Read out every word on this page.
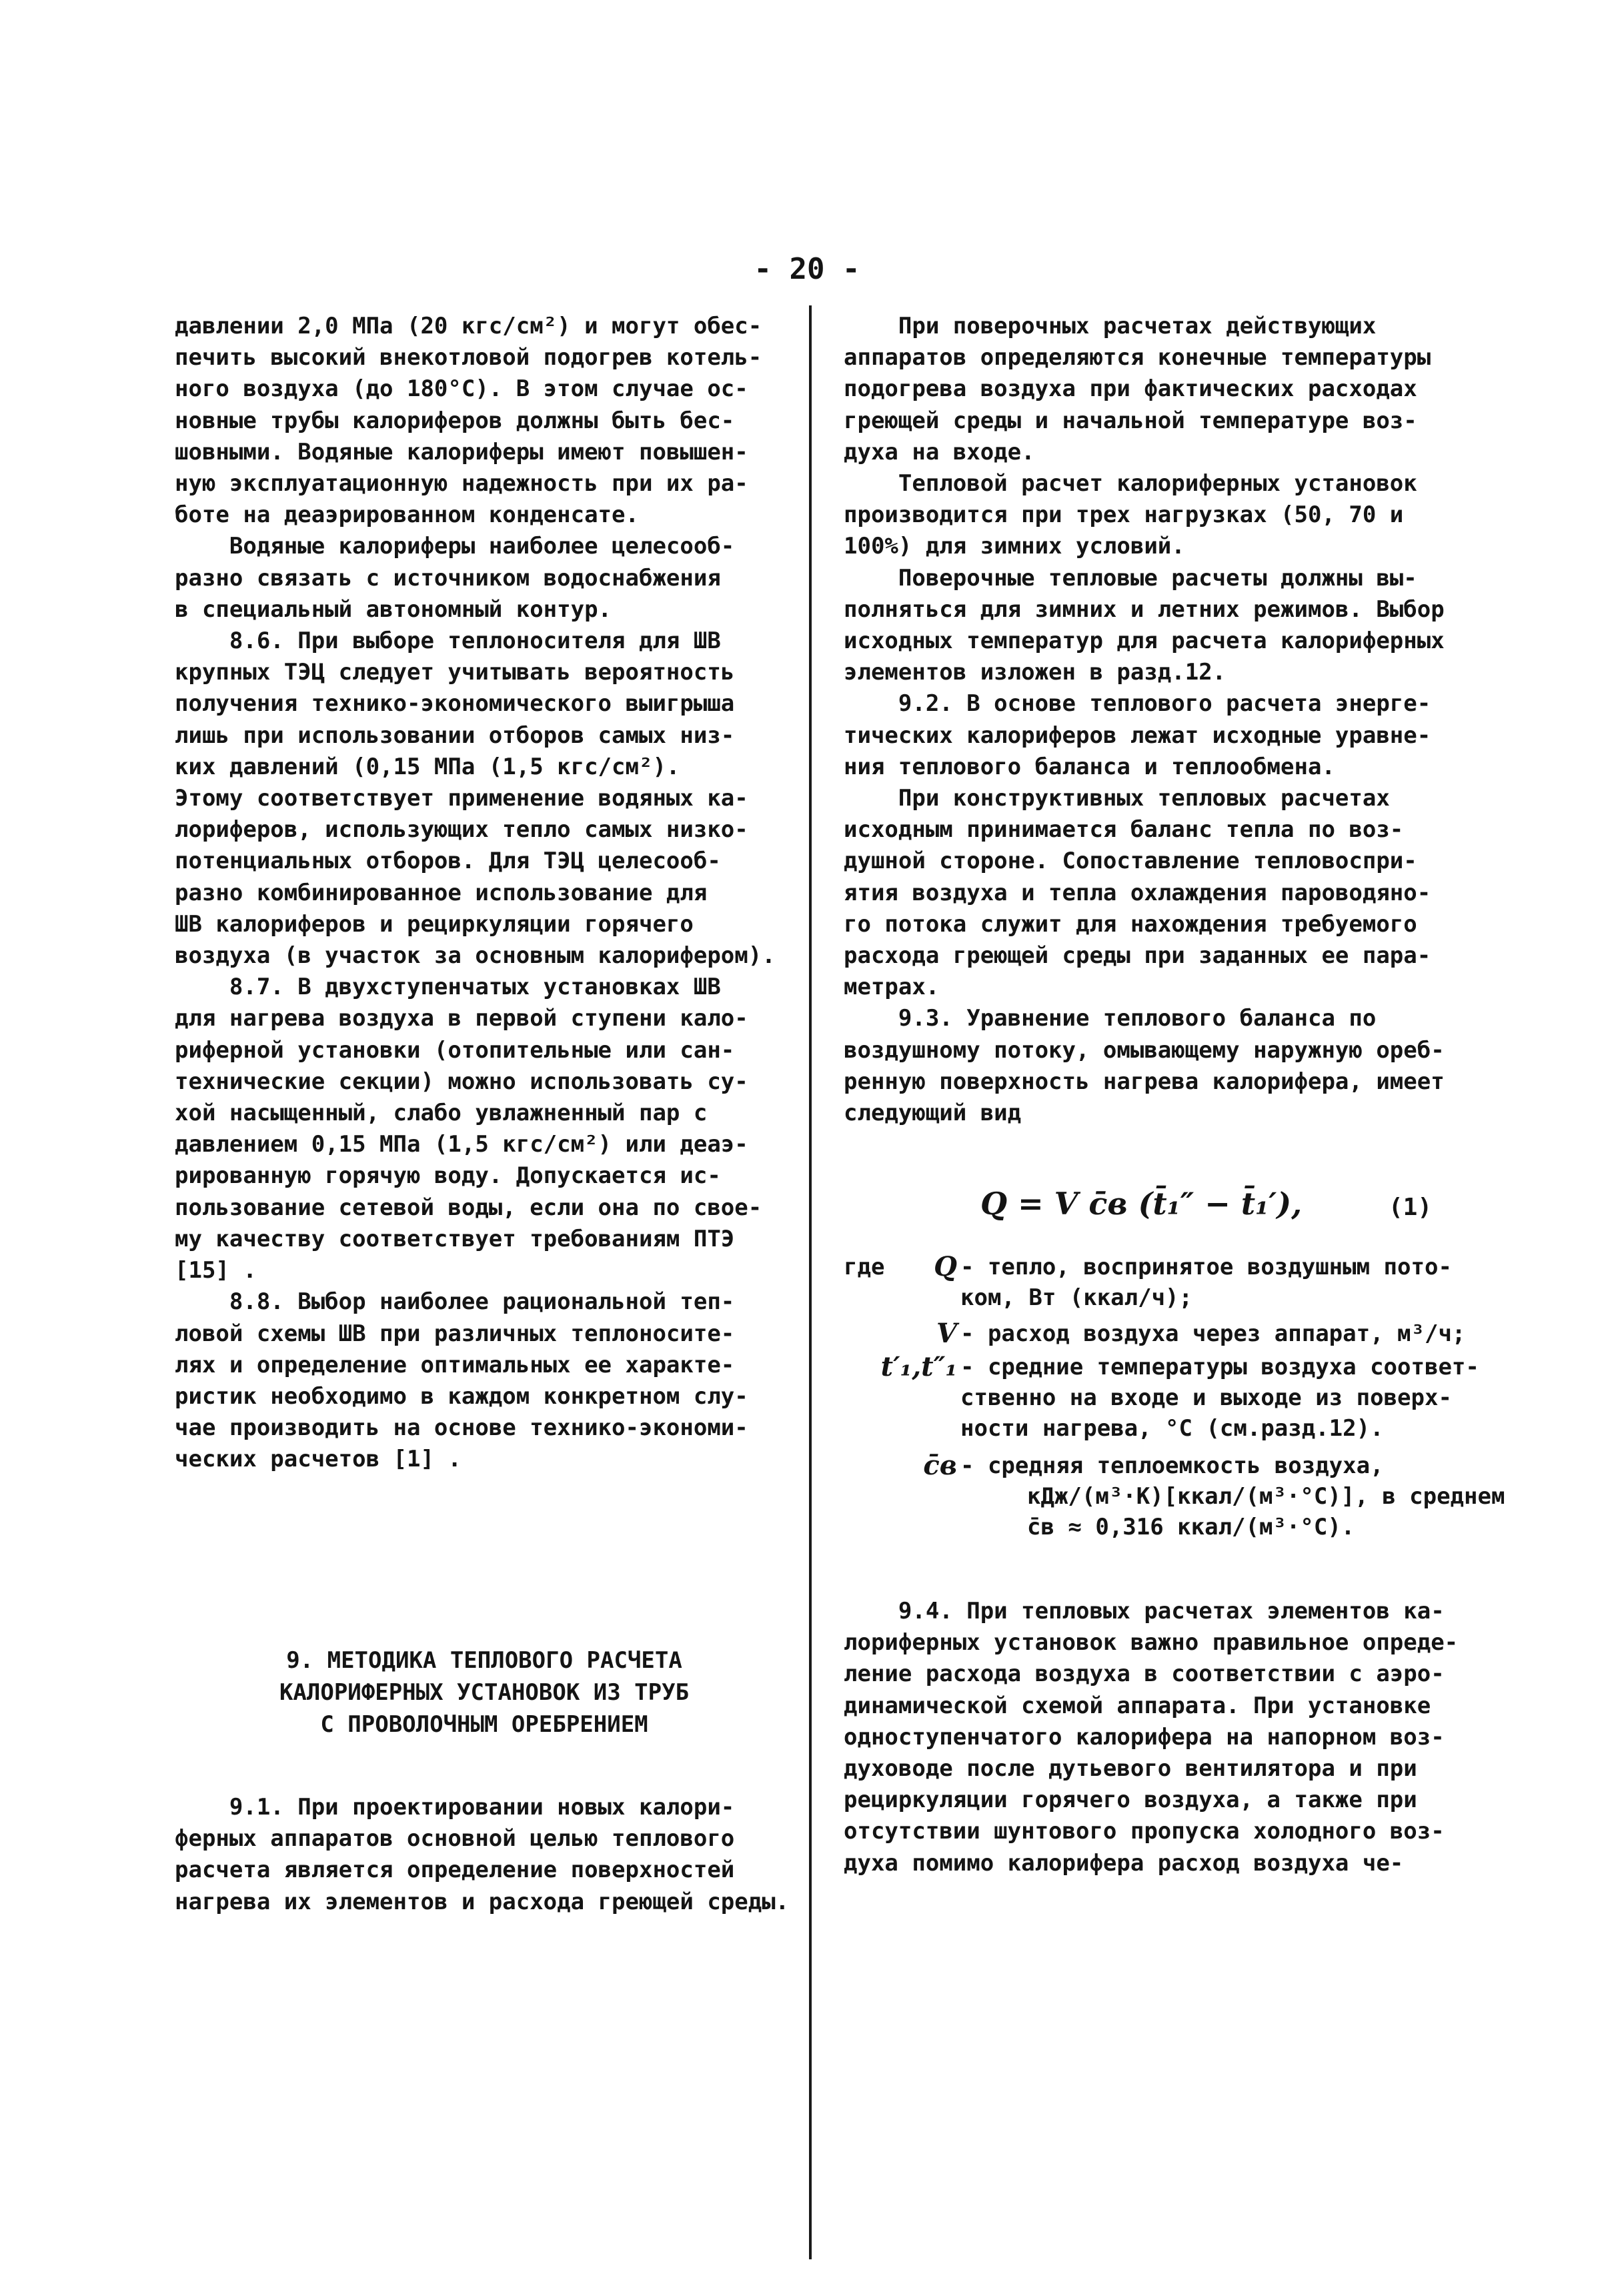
- 20 -
давлении 2,0 МПа (20 кгс/см²) и могут обес-
печить высокий внекотловой подогрев котель-
ного воздуха (до 180°С). В этом случае ос-
новные трубы калориферов должны быть бес-
шовными. Водяные калориферы имеют повышен-
ную эксплуатационную надежность при их ра-
боте на деаэрированном конденсате.
Водяные калориферы наиболее целесооб-
разно связать с источником водоснабжения
в специальный автономный контур.
8.6. При выборе теплоносителя для ШВ
крупных ТЭЦ следует учитывать вероятность
получения технико-экономического выигрыша
лишь при использовании отборов самых низ-
ких давлений (0,15 МПа (1,5 кгс/см²).
Этому соответствует применение водяных ка-
лориферов, использующих тепло самых низко-
потенциальных отборов. Для ТЭЦ целесооб-
разно комбинированное использование для
ШВ калориферов и рециркуляции горячего
воздуха (в участок за основным калорифером).
8.7. В двухступенчатых установках ШВ
для нагрева воздуха в первой ступени кало-
риферной установки (отопительные или сан-
технические секции) можно использовать су-
хой насыщенный, слабо увлажненный пар с
давлением 0,15 МПа (1,5 кгс/см²) или деаэ-
рированную горячую воду. Допускается ис-
пользование сетевой воды, если она по свое-
му качеству соответствует требованиям ПТЭ
[15] .
8.8. Выбор наиболее рациональной теп-
ловой схемы ШВ при различных теплоносите-
лях и определение оптимальных ее характе-
ристик необходимо в каждом конкретном слу-
чае производить на основе технико-экономи-
ческих расчетов [1] .
9. МЕТОДИКА ТЕПЛОВОГО РАСЧЕТА
КАЛОРИФЕРНЫХ УСТАНОВОК ИЗ ТРУБ
С ПРОВОЛОЧНЫМ ОРЕБРЕНИЕМ
9.1. При проектировании новых калори-
ферных аппаратов основной целью теплового
расчета является определение поверхностей
нагрева их элементов и расхода греющей среды.
При поверочных расчетах действующих
аппаратов определяются конечные температуры
подогрева воздуха при фактических расходах
греющей среды и начальной температуре воз-
духа на входе.
Тепловой расчет калориферных установок
производится при трех нагрузках (50, 70 и
100%) для зимних условий.
Поверочные тепловые расчеты должны вы-
полняться для зимних и летних режимов. Выбор
исходных температур для расчета калориферных
элементов изложен в разд.12.
9.2. В основе теплового расчета энерге-
тических калориферов лежат исходные уравне-
ния теплового баланса и теплообмена.
При конструктивных тепловых расчетах
исходным принимается баланс тепла по воз-
душной стороне. Сопоставление тепловоспри-
ятия воздуха и тепла охлаждения пароводяно-
го потока служит для нахождения требуемого
расхода греющей среды при заданных ее пара-
метрах.
9.3. Уравнение теплового баланса по
воздушному потоку, омывающему наружную ореб-
ренную поверхность нагрева калорифера, имеет
следующий вид
Q = V c̄в (t̄₁″ − t̄₁′),	(1)
где	Q - тепло, воспринятое воздушным пото-
ком, Вт (ккал/ч);
V - расход воздуха через аппарат, м³/ч;
t′₁,t″₁ - средние температуры воздуха соответ-
ственно на входе и выходе из поверх-
ности нагрева, °С (см.разд.12).
c̄в - средняя теплоемкость воздуха,
кДж/(м³·К)[ккал/(м³·°С)], в среднем
c̄в ≈ 0,316 ккал/(м³·°С).
9.4. При тепловых расчетах элементов ка-
лориферных установок важно правильное опреде-
ление расхода воздуха в соответствии с аэро-
динамической схемой аппарата. При установке
одноступенчатого калорифера на напорном воз-
духоводе после дутьевого вентилятора и при
рециркуляции горячего воздуха, а также при
отсутствии шунтового пропуска холодного воз-
духа помимо калорифера расход воздуха че-
